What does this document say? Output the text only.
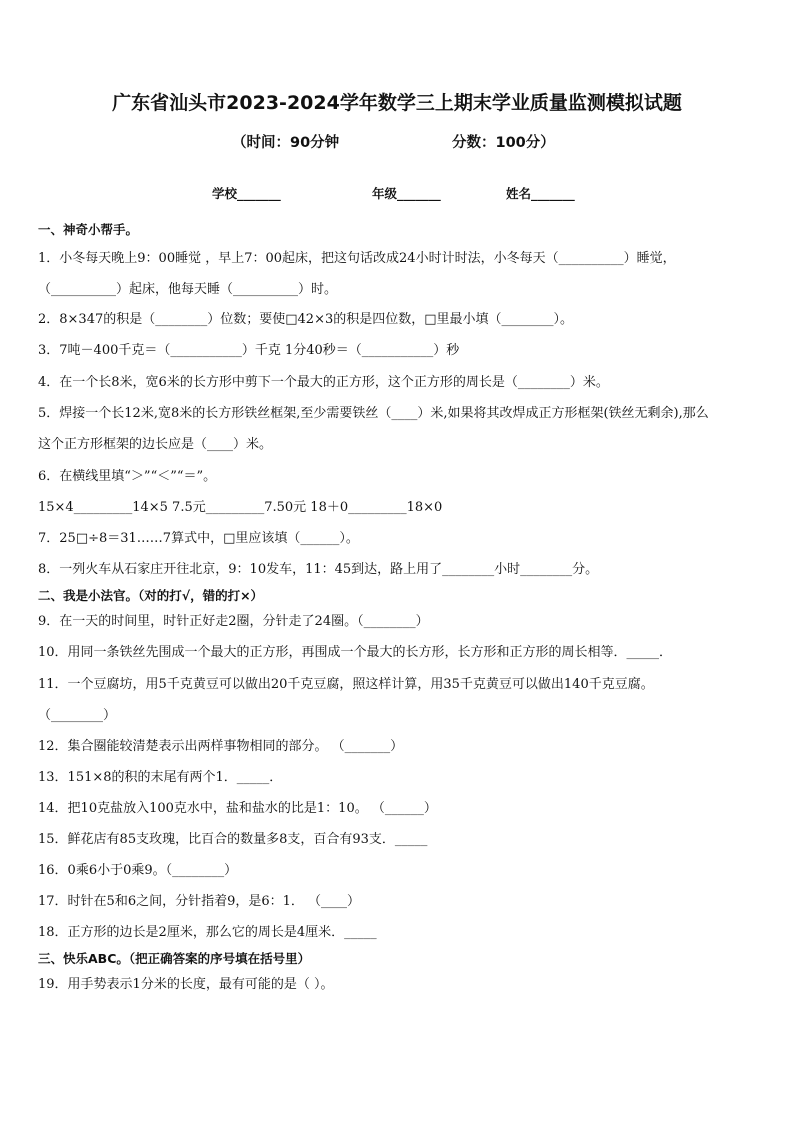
广东省汕头市2023-2024学年数学三上期末学业质量监测模拟试题
（时间：90分钟	分数：100分）
学校_______	年级_______	姓名_______
一、神奇小帮手。
1．小冬每天晚上9：00睡觉 ，早上7：00起床，把这句话改成24小时计时法，小冬每天（__________）睡觉，
（__________）起床，他每天睡（__________）时。
2．8×347的积是（________）位数；要使□42×3的积是四位数，□里最小填（________）。
3．7吨－400千克＝（___________）千克 1分40秒＝（___________）秒
4．在一个长8米，宽6米的长方形中剪下一个最大的正方形，这个正方形的周长是（________）米。
5．焊接一个长12米,宽8米的长方形铁丝框架,至少需要铁丝（____）米,如果将其改焊成正方形框架(铁丝无剩余),那么
这个正方形框架的边长应是（____）米。
6．在横线里填“＞”“＜”“＝”。
15×4_________14×5 7.5元_________7.50元 18＋0_________18×0
7．25□÷8＝31……7算式中，□里应该填（______）。
8．一列火车从石家庄开往北京，9：10发车，11：45到达，路上用了________小时________分。
二、我是小法官。（对的打√，错的打×）
9．在一天的时间里，时针正好走2圈，分针走了24圈。（________）
10．用同一条铁丝先围成一个最大的正方形，再围成一个最大的长方形，长方形和正方形的周长相等．_____．
11．一个豆腐坊，用5千克黄豆可以做出20千克豆腐，照这样计算，用35千克黄豆可以做出140千克豆腐。
（________）
12．集合圈能较清楚表示出两样事物相同的部分。 （_______）
13．151×8的积的末尾有两个1．_____．
14．把10克盐放入100克水中，盐和盐水的比是1：10。 （______）
15．鲜花店有85支玫瑰，比百合的数量多8支，百合有93支．_____
16．0乘6小于0乘9。（________）
17．时针在5和6之间，分针指着9，是6：1． （____）
18．正方形的边长是2厘米，那么它的周长是4厘米．_____
三、快乐ABC。（把正确答案的序号填在括号里）
19．用手势表示1分米的长度，最有可能的是（ ）。
